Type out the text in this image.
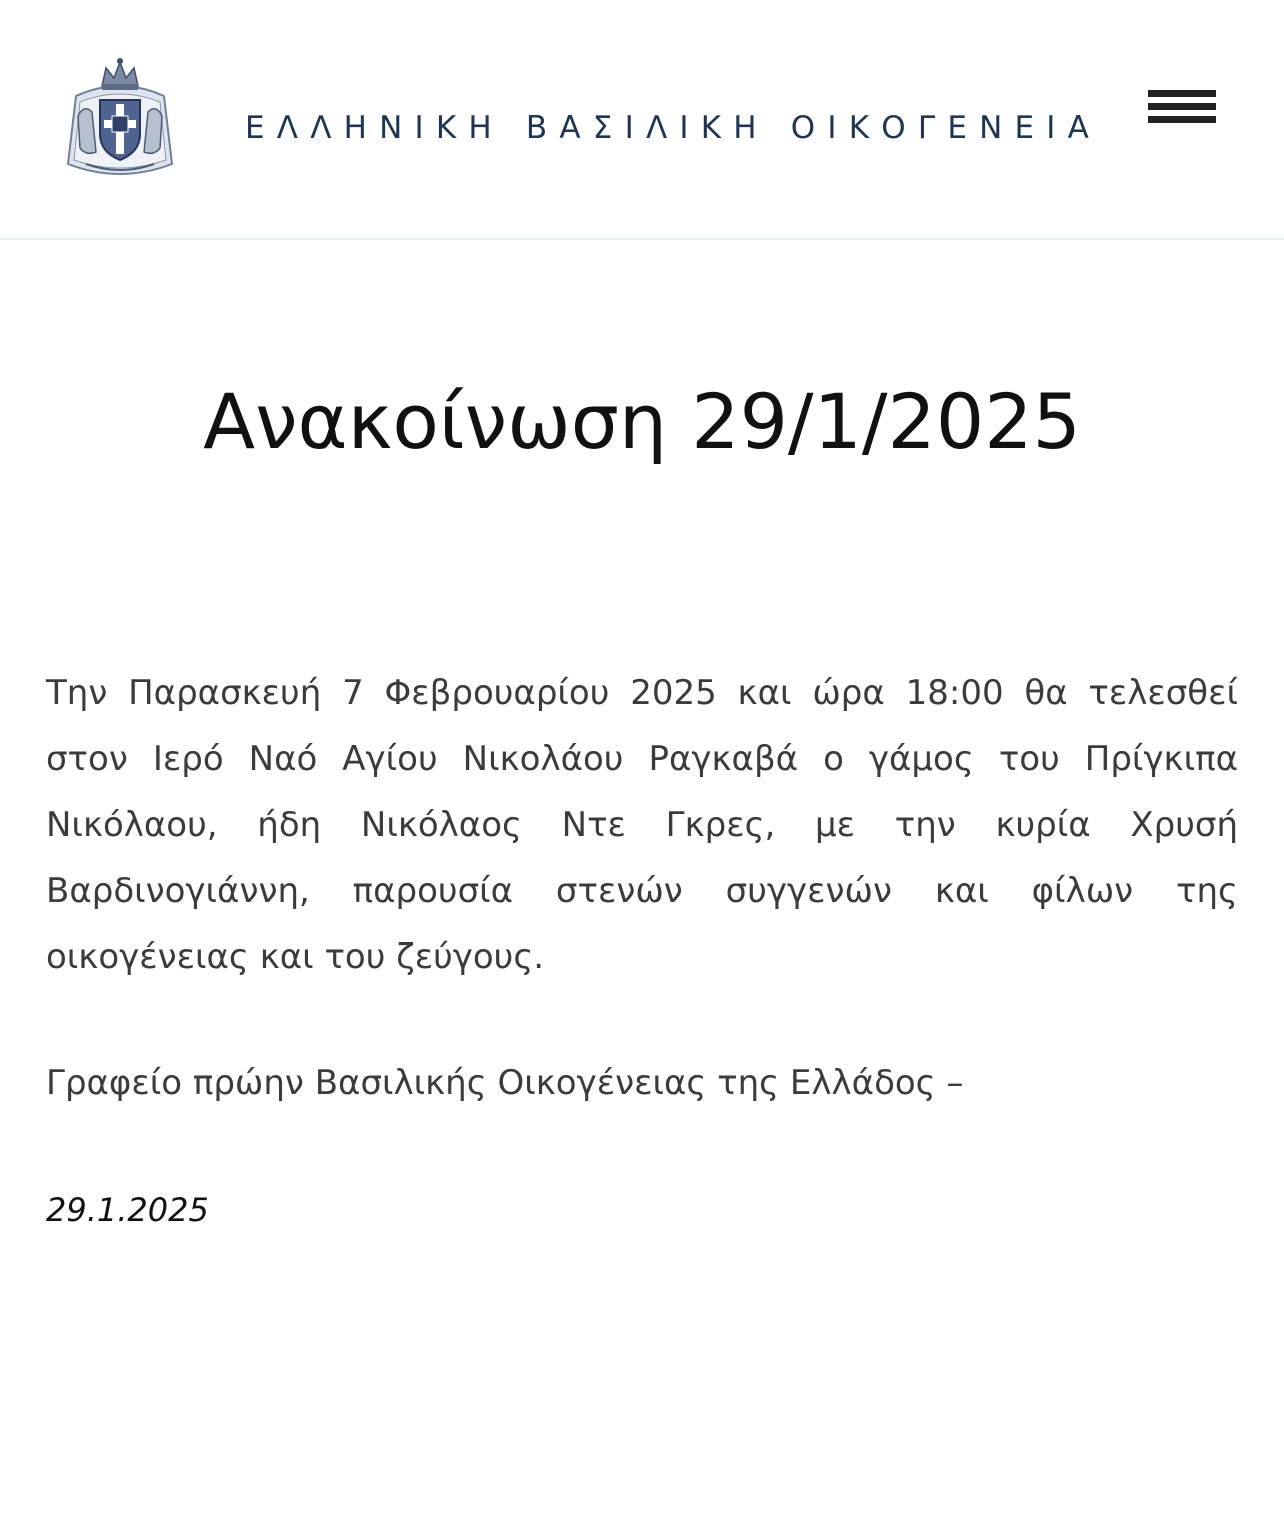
ΕΛΛΗΝΙΚΗ ΒΑΣΙΛΙΚΗ ΟΙΚΟΓΕΝΕΙΑ
Ανακοίνωση 29/1/2025

Την Παρασκευή 7 Φεβρουαρίου 2025 και ώρα 18:00 θα τελεσθεί στον Ιερό Ναό Αγίου Νικολάου Ραγκαβά ο γάμος του Πρίγκιπα Νικόλαου, ήδη Νικόλαος Ντε Γκρες, με την κυρία Χρυσή Βαρδινογιάννη, παρουσία στενών συγγενών και φίλων της οικογένειας και του ζεύγους.

Γραφείο πρώην Βασιλικής Οικογένειας της Ελλάδος –

29.1.2025
